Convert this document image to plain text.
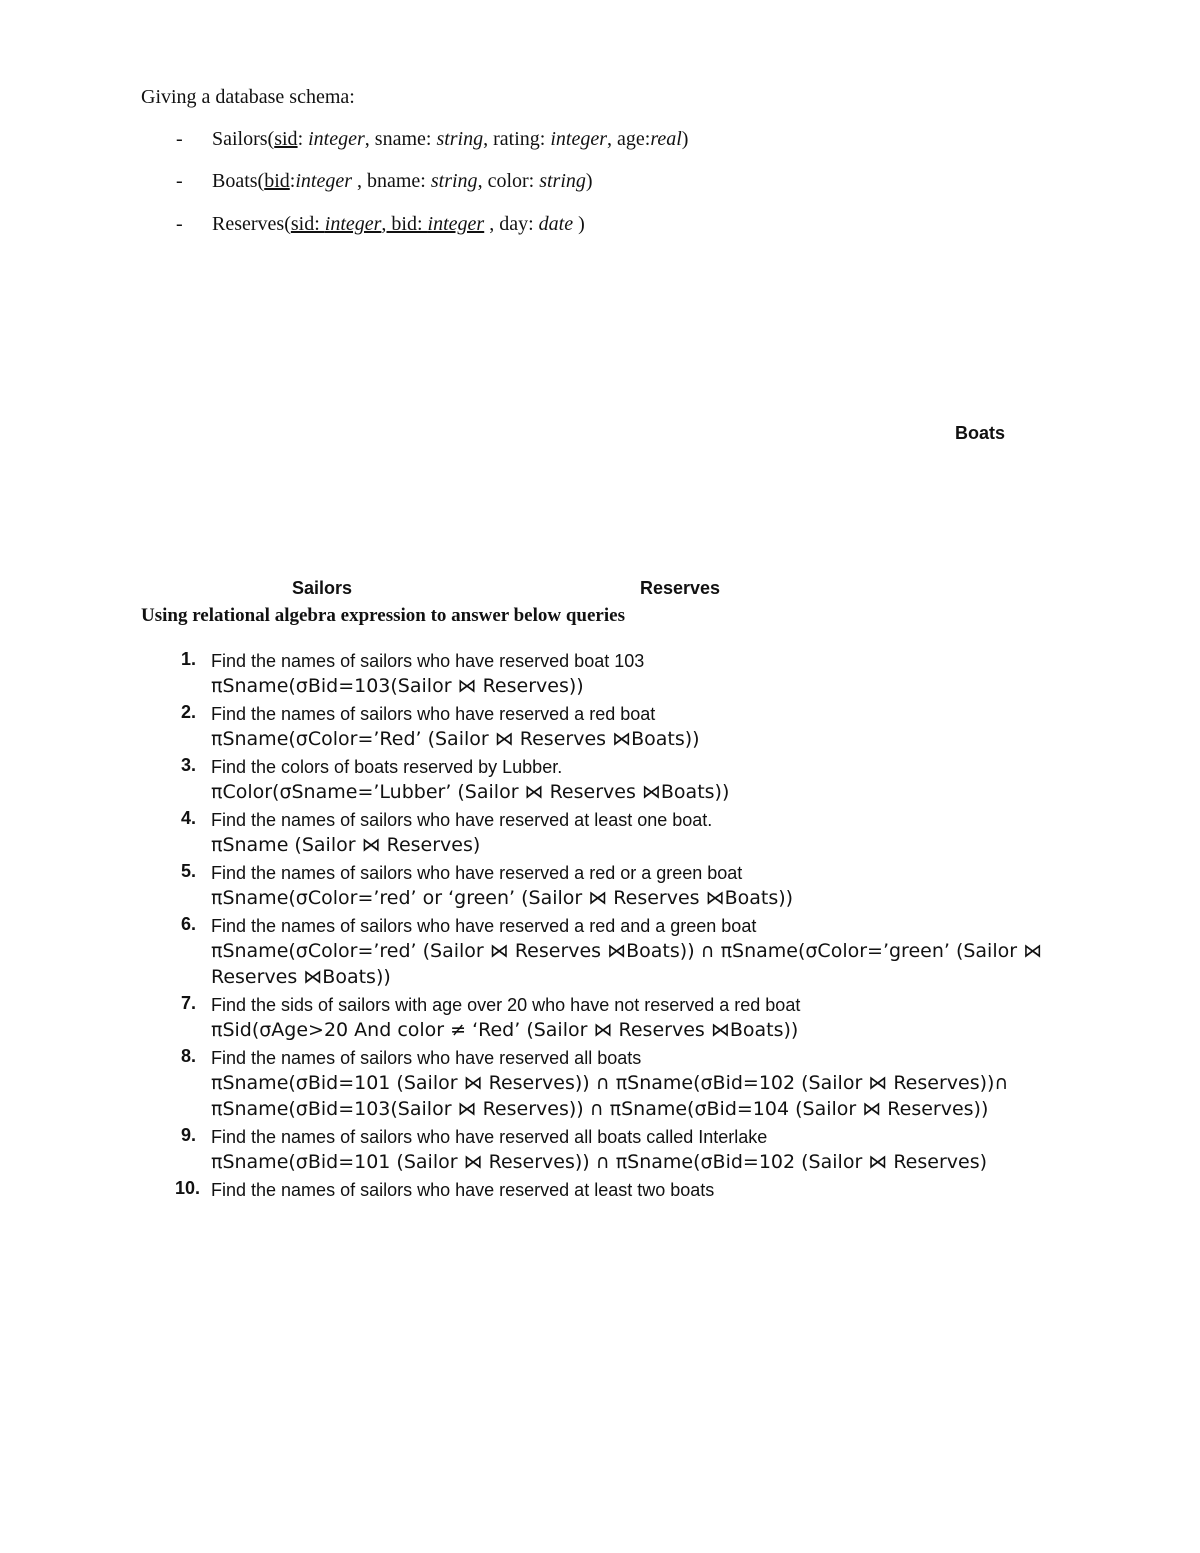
Giving a database schema:
- Sailors(sid: integer, sname: string, rating: integer, age:real)
- Boats(bid:integer , bname: string, color: string)
- Reserves(sid: integer, bid: integer , day: date )
Boats
Sailors	Reserves
Using relational algebra expression to answer below queries
1. Find the names of sailors who have reserved boat 103
πSname(σBid=103(Sailor ⋈ Reserves))
2. Find the names of sailors who have reserved a red boat
πSname(σColor=’Red’ (Sailor ⋈ Reserves ⋈Boats))
3. Find the colors of boats reserved by Lubber.
πColor(σSname=’Lubber’ (Sailor ⋈ Reserves ⋈Boats))
4. Find the names of sailors who have reserved at least one boat.
πSname (Sailor ⋈ Reserves)
5. Find the names of sailors who have reserved a red or a green boat
πSname(σColor=’red’ or ‘green’ (Sailor ⋈ Reserves ⋈Boats))
6. Find the names of sailors who have reserved a red and a green boat
πSname(σColor=’red’ (Sailor ⋈ Reserves ⋈Boats)) ∩ πSname(σColor=’green’ (Sailor ⋈ Reserves ⋈Boats))
7. Find the sids of sailors with age over 20 who have not reserved a red boat
πSid(σAge>20 And color ≠ ‘Red’ (Sailor ⋈ Reserves ⋈Boats))
8. Find the names of sailors who have reserved all boats
πSname(σBid=101 (Sailor ⋈ Reserves)) ∩ πSname(σBid=102 (Sailor ⋈ Reserves))∩ πSname(σBid=103(Sailor ⋈ Reserves)) ∩ πSname(σBid=104 (Sailor ⋈ Reserves))
9. Find the names of sailors who have reserved all boats called Interlake
πSname(σBid=101 (Sailor ⋈ Reserves)) ∩ πSname(σBid=102 (Sailor ⋈ Reserves)
10. Find the names of sailors who have reserved at least two boats
